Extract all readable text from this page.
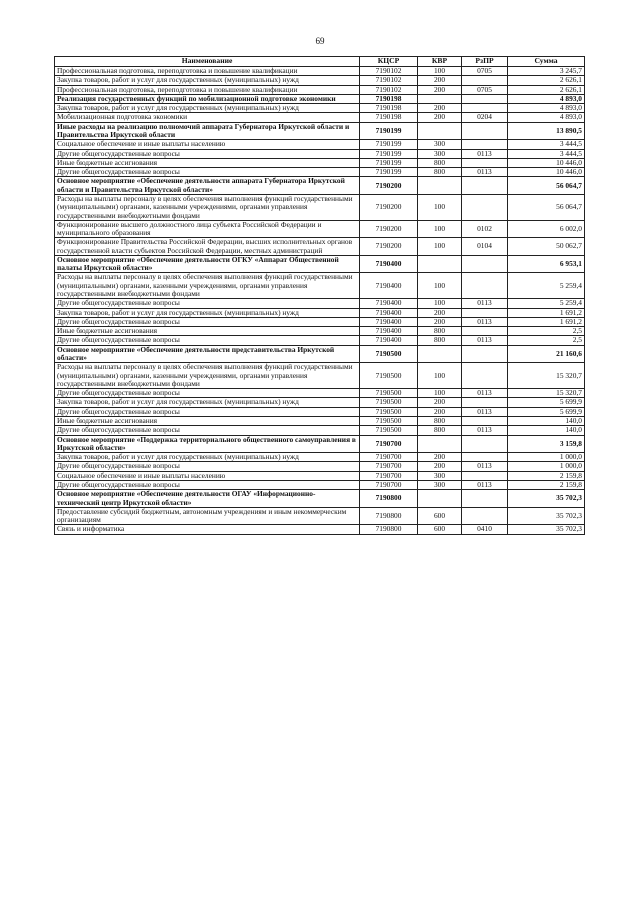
69
Наименование	КЦСР	КВР	РзПР	Сумма
Профессиональная подготовка, переподготовка и повышение квалификации	7190102	100	0705	3 245,7
Закупка товаров, работ и услуг для государственных (муниципальных) нужд	7190102	200		2 626,1
Профессиональная подготовка, переподготовка и повышение квалификации	7190102	200	0705	2 626,1
Реализация государственных функций по мобилизационной подготовке экономики	7190198			4 893,0
Закупка товаров, работ и услуг для государственных (муниципальных) нужд	7190198	200		4 893,0
Мобилизационная подготовка экономики	7190198	200	0204	4 893,0
Иные расходы на реализацию полномочий аппарата Губернатора Иркутской области и Правительства Иркутской области	7190199			13 890,5
Социальное обеспечение и иные выплаты населению	7190199	300		3 444,5
Другие общегосударственные вопросы	7190199	300	0113	3 444,5
Иные бюджетные ассигнования	7190199	800		10 446,0
Другие общегосударственные вопросы	7190199	800	0113	10 446,0
Основное мероприятие «Обеспечение деятельности аппарата Губернатора Иркутской области и Правительства Иркутской области»	7190200			56 064,7
Расходы на выплаты персоналу в целях обеспечения выполнения функций государственными (муниципальными) органами, казенными учреждениями, органами управления государственными внебюджетными фондами	7190200	100		56 064,7
Функционирование высшего должностного лица субъекта Российской Федерации и муниципального образования	7190200	100	0102	6 002,0
Функционирование Правительства Российской Федерации, высших исполнительных органов государственной власти субъектов Российской Федерации, местных администраций	7190200	100	0104	50 062,7
Основное мероприятие «Обеспечение деятельности ОГКУ «Аппарат Общественной палаты Иркутской области»	7190400			6 953,1
Расходы на выплаты персоналу в целях обеспечения выполнения функций государственными (муниципальными) органами, казенными учреждениями, органами управления государственными внебюджетными фондами	7190400	100		5 259,4
Другие общегосударственные вопросы	7190400	100	0113	5 259,4
Закупка товаров, работ и услуг для государственных (муниципальных) нужд	7190400	200		1 691,2
Другие общегосударственные вопросы	7190400	200	0113	1 691,2
Иные бюджетные ассигнования	7190400	800		2,5
Другие общегосударственные вопросы	7190400	800	0113	2,5
Основное мероприятие «Обеспечение деятельности представительства Иркутской области»	7190500			21 160,6
Расходы на выплаты персоналу в целях обеспечения выполнения функций государственными (муниципальными) органами, казенными учреждениями, органами управления государственными внебюджетными фондами	7190500	100		15 320,7
Другие общегосударственные вопросы	7190500	100	0113	15 320,7
Закупка товаров, работ и услуг для государственных (муниципальных) нужд	7190500	200		5 699,9
Другие общегосударственные вопросы	7190500	200	0113	5 699,9
Иные бюджетные ассигнования	7190500	800		140,0
Другие общегосударственные вопросы	7190500	800	0113	140,0
Основное мероприятие «Поддержка территориального общественного самоуправления в Иркутской области»	7190700			3 159,8
Закупка товаров, работ и услуг для государственных (муниципальных) нужд	7190700	200		1 000,0
Другие общегосударственные вопросы	7190700	200	0113	1 000,0
Социальное обеспечение и иные выплаты населению	7190700	300		2 159,8
Другие общегосударственные вопросы	7190700	300	0113	2 159,8
Основное мероприятие «Обеспечение деятельности ОГАУ «Информационно-технический центр Иркутской области»	7190800			35 702,3
Предоставление субсидий бюджетным, автономным учреждениям и иным некоммерческим организациям	7190800	600		35 702,3
Связь и информатика	7190800	600	0410	35 702,3
